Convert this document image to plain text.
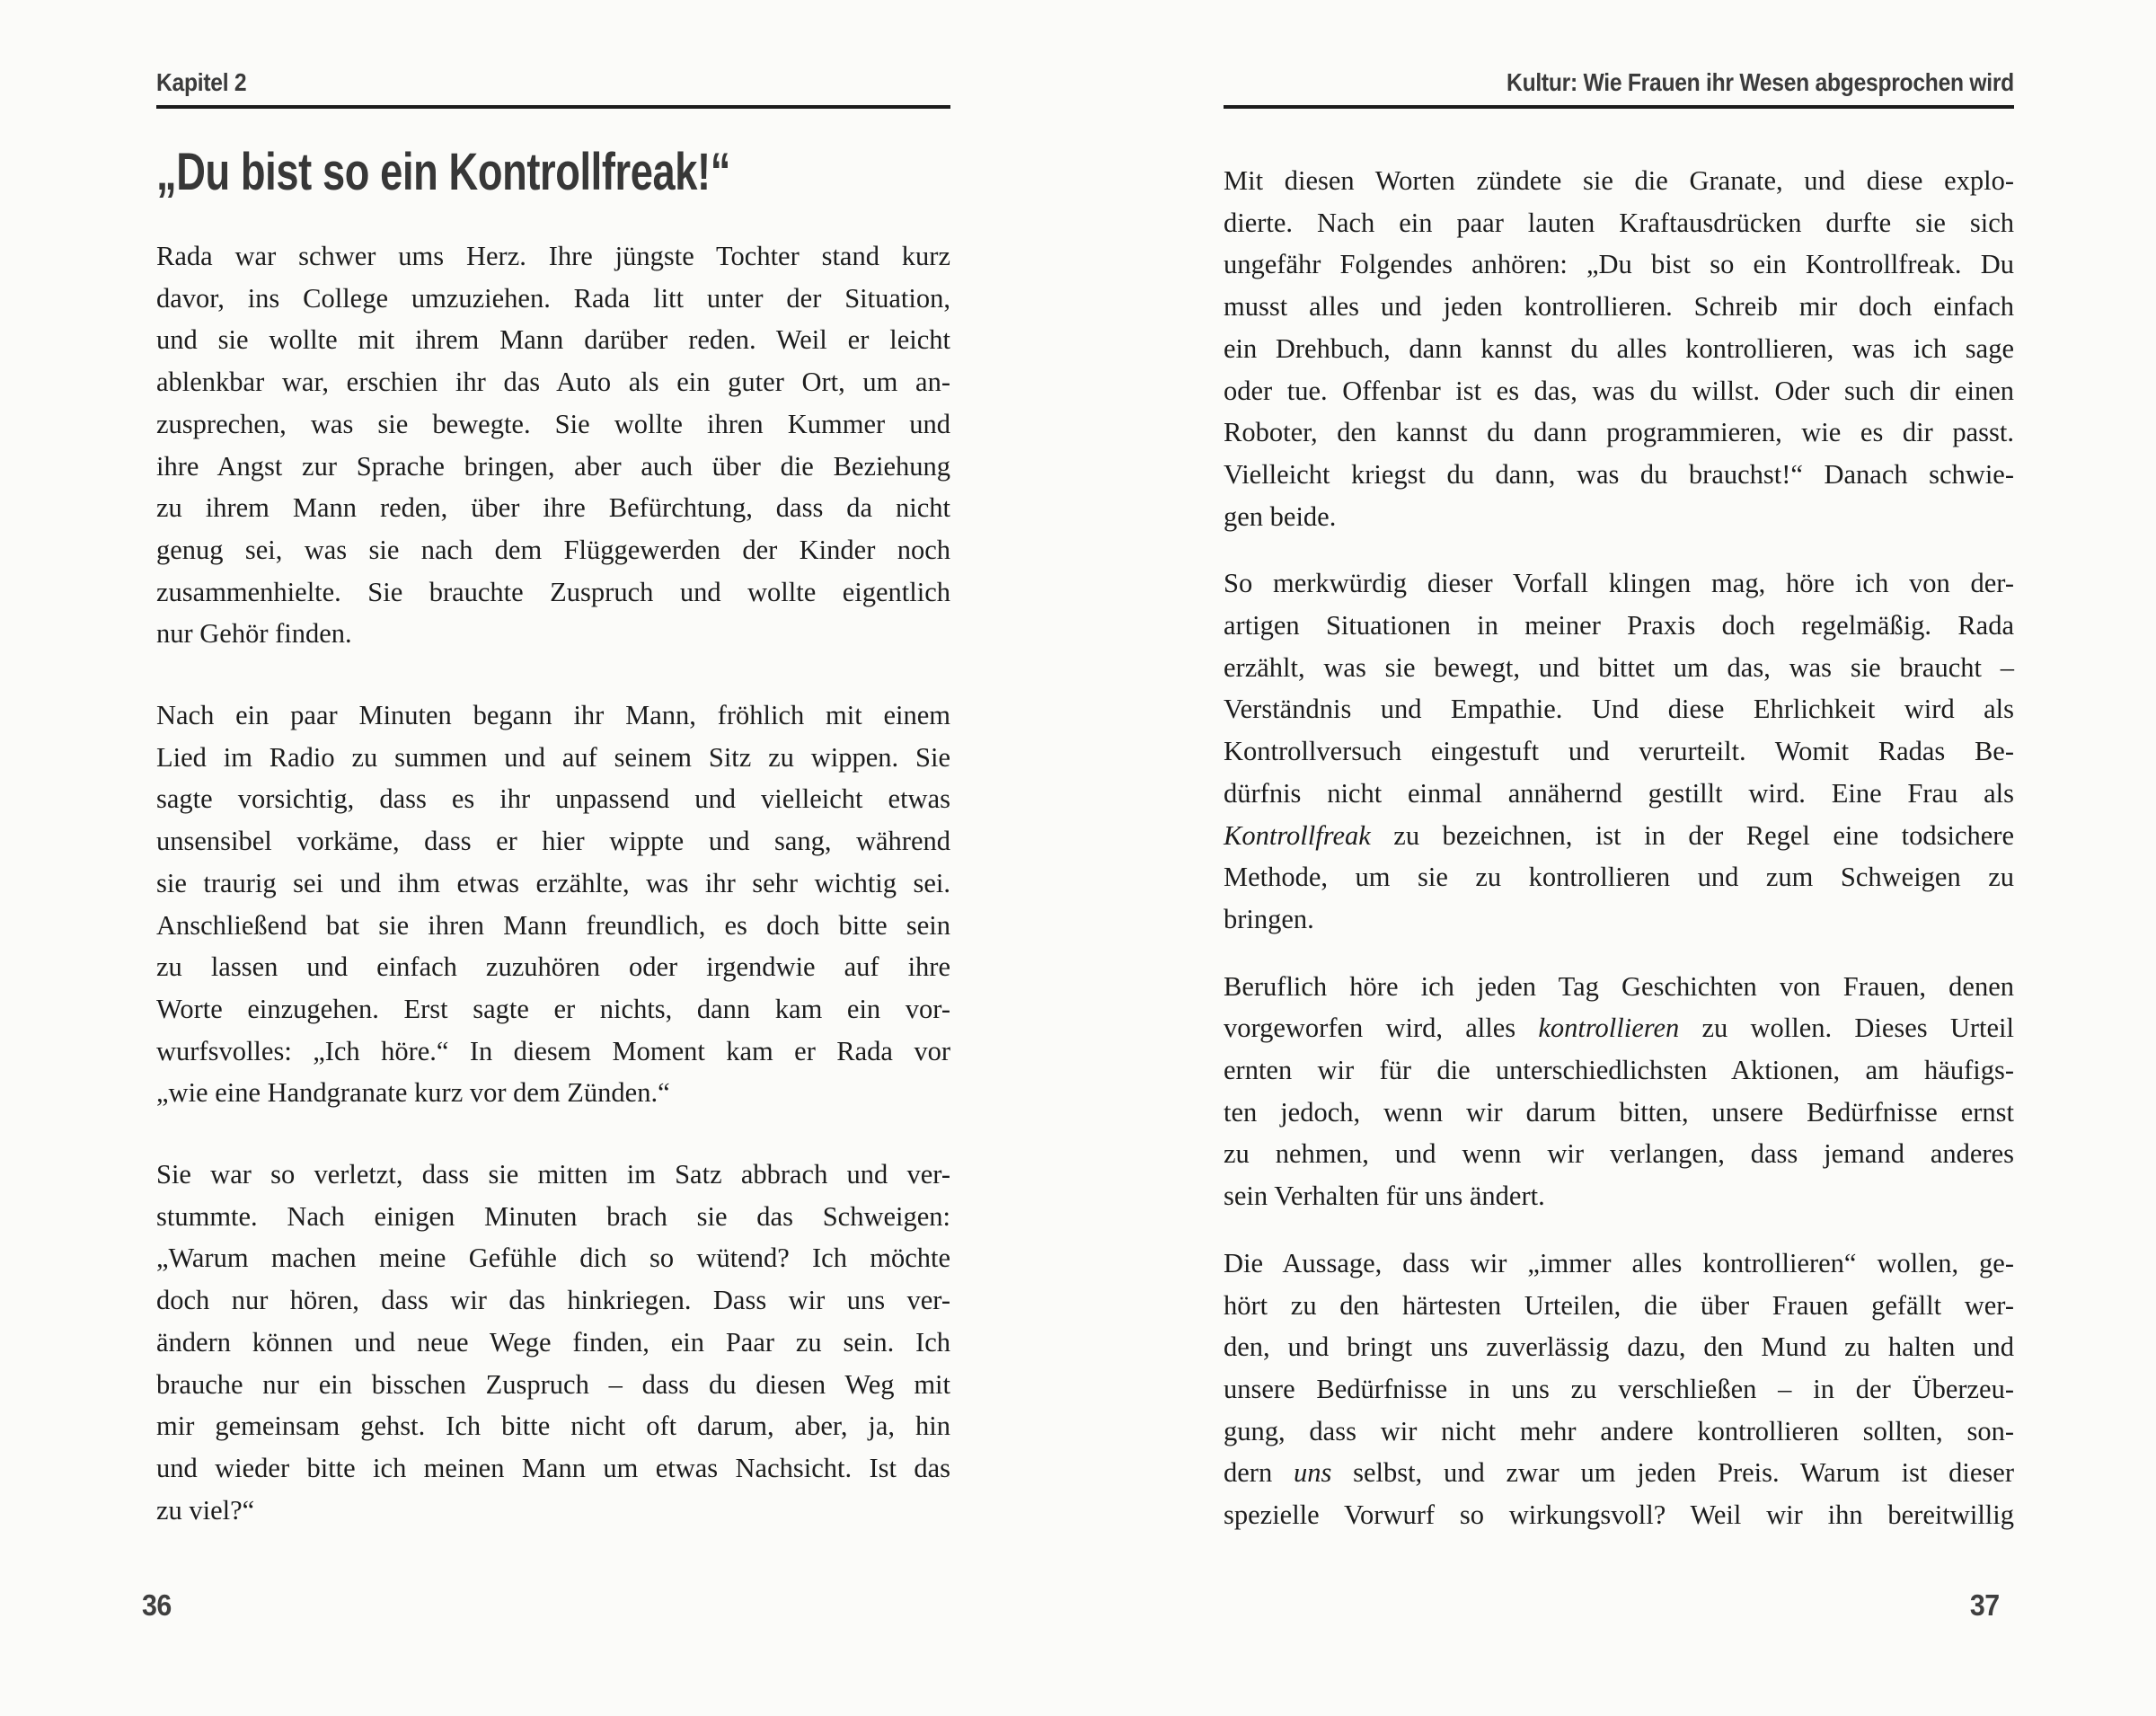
Kapitel 2
„Du bist so ein Kontrollfreak!“
Rada war schwer ums Herz. Ihre jüngste Tochter stand kurz
davor, ins College umzuziehen. Rada litt unter der Situation,
und sie wollte mit ihrem Mann darüber reden. Weil er leicht
ablenkbar war, erschien ihr das Auto als ein guter Ort, um an-
zusprechen, was sie bewegte. Sie wollte ihren Kummer und
ihre Angst zur Sprache bringen, aber auch über die Beziehung
zu ihrem Mann reden, über ihre Befürchtung, dass da nicht
genug sei, was sie nach dem Flüggewerden der Kinder noch
zusammenhielte. Sie brauchte Zuspruch und wollte eigentlich
nur Gehör finden.
Nach ein paar Minuten begann ihr Mann, fröhlich mit einem
Lied im Radio zu summen und auf seinem Sitz zu wippen. Sie
sagte vorsichtig, dass es ihr unpassend und vielleicht etwas
unsensibel vorkäme, dass er hier wippte und sang, während
sie traurig sei und ihm etwas erzählte, was ihr sehr wichtig sei.
Anschließend bat sie ihren Mann freundlich, es doch bitte sein
zu lassen und einfach zuzuhören oder irgendwie auf ihre
Worte einzugehen. Erst sagte er nichts, dann kam ein vor-
wurfsvolles: „Ich höre.“ In diesem Moment kam er Rada vor
„wie eine Handgranate kurz vor dem Zünden.“
Sie war so verletzt, dass sie mitten im Satz abbrach und ver-
stummte. Nach einigen Minuten brach sie das Schweigen:
„Warum machen meine Gefühle dich so wütend? Ich möchte
doch nur hören, dass wir das hinkriegen. Dass wir uns ver-
ändern können und neue Wege finden, ein Paar zu sein. Ich
brauche nur ein bisschen Zuspruch – dass du diesen Weg mit
mir gemeinsam gehst. Ich bitte nicht oft darum, aber, ja, hin
und wieder bitte ich meinen Mann um etwas Nachsicht. Ist das
zu viel?“
36
Kultur: Wie Frauen ihr Wesen abgesprochen wird
Mit diesen Worten zündete sie die Granate, und diese explo-
dierte. Nach ein paar lauten Kraftausdrücken durfte sie sich
ungefähr Folgendes anhören: „Du bist so ein Kontrollfreak. Du
musst alles und jeden kontrollieren. Schreib mir doch einfach
ein Drehbuch, dann kannst du alles kontrollieren, was ich sage
oder tue. Offenbar ist es das, was du willst. Oder such dir einen
Roboter, den kannst du dann programmieren, wie es dir passt.
Vielleicht kriegst du dann, was du brauchst!“ Danach schwie-
gen beide.
So merkwürdig dieser Vorfall klingen mag, höre ich von der-
artigen Situationen in meiner Praxis doch regelmäßig. Rada
erzählt, was sie bewegt, und bittet um das, was sie braucht –
Verständnis und Empathie. Und diese Ehrlichkeit wird als
Kontrollversuch eingestuft und verurteilt. Womit Radas Be-
dürfnis nicht einmal annähernd gestillt wird. Eine Frau als
Kontrollfreak zu bezeichnen, ist in der Regel eine todsichere
Methode, um sie zu kontrollieren und zum Schweigen zu
bringen.
Beruflich höre ich jeden Tag Geschichten von Frauen, denen
vorgeworfen wird, alles kontrollieren zu wollen. Dieses Urteil
ernten wir für die unterschiedlichsten Aktionen, am häufigs-
ten jedoch, wenn wir darum bitten, unsere Bedürfnisse ernst
zu nehmen, und wenn wir verlangen, dass jemand anderes
sein Verhalten für uns ändert.
Die Aussage, dass wir „immer alles kontrollieren“ wollen, ge-
hört zu den härtesten Urteilen, die über Frauen gefällt wer-
den, und bringt uns zuverlässig dazu, den Mund zu halten und
unsere Bedürfnisse in uns zu verschließen – in der Überzeu-
gung, dass wir nicht mehr andere kontrollieren sollten, son-
dern uns selbst, und zwar um jeden Preis. Warum ist dieser
spezielle Vorwurf so wirkungsvoll? Weil wir ihn bereitwillig
37
